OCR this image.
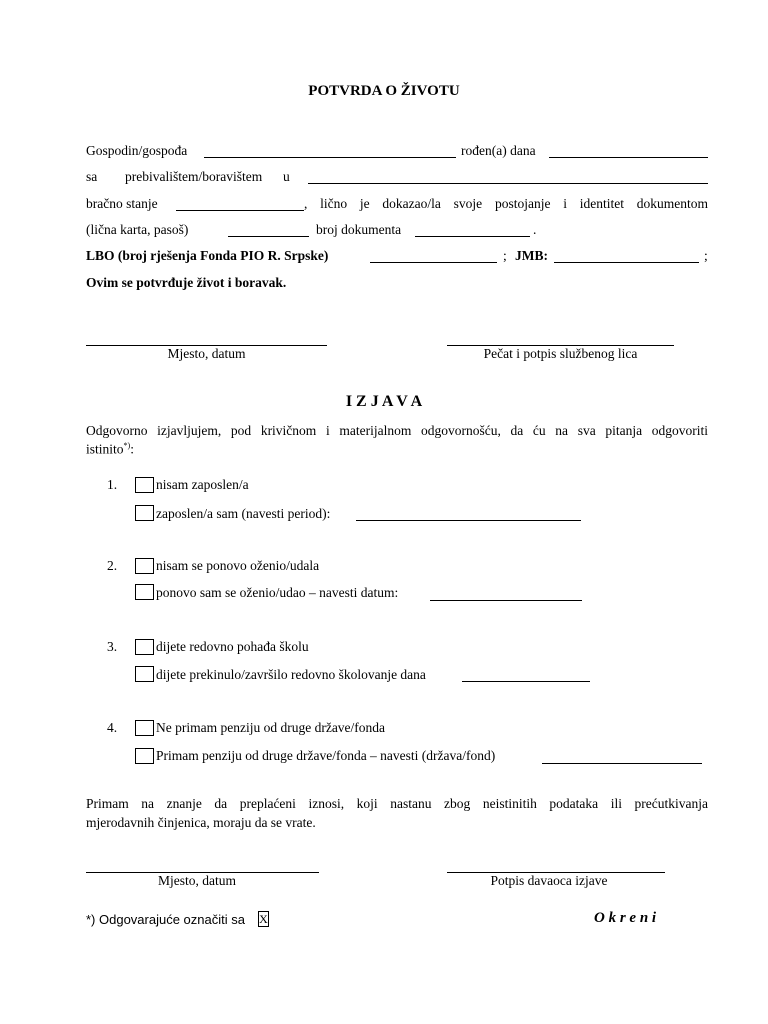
POTVRDA O ŽIVOTU
Gospodin/gospođa	rođen(a) dana
sa prebivalištem/boravištem u
bračno stanje	, lično je dokazao/la svoje postojanje i identitet dokumentom
(lična karta, pasoš)	broj dokumenta	.
LBO (broj rješenja Fonda PIO R. Srpske)	; JMB:	;
Ovim se potvrđuje život i boravak.
Mjesto, datum	Pečat i potpis službenog lica
I Z J A V A
Odgovorno izjavljujem, pod krivičnom i materijalnom odgovornošću, da ću na sva pitanja odgovoriti
istinito*):
1.	nisam zaposlen/a
zaposlen/a sam (navesti period):
2.	nisam se ponovo oženio/udala
ponovo sam se oženio/udao – navesti datum:
3.	dijete redovno pohađa školu
dijete prekinulo/završilo redovno školovanje dana
4.	Ne primam penziju od druge države/fonda
Primam penziju od druge države/fonda – navesti (država/fond)
Primam na znanje da preplaćeni iznosi, koji nastanu zbog neistinitih podataka ili prećutkivanja
mjerodavnih činjenica, moraju da se vrate.
Mjesto, datum	Potpis davaoca izjave
*) Odgovarajuće označiti sa X	O k r e n i
